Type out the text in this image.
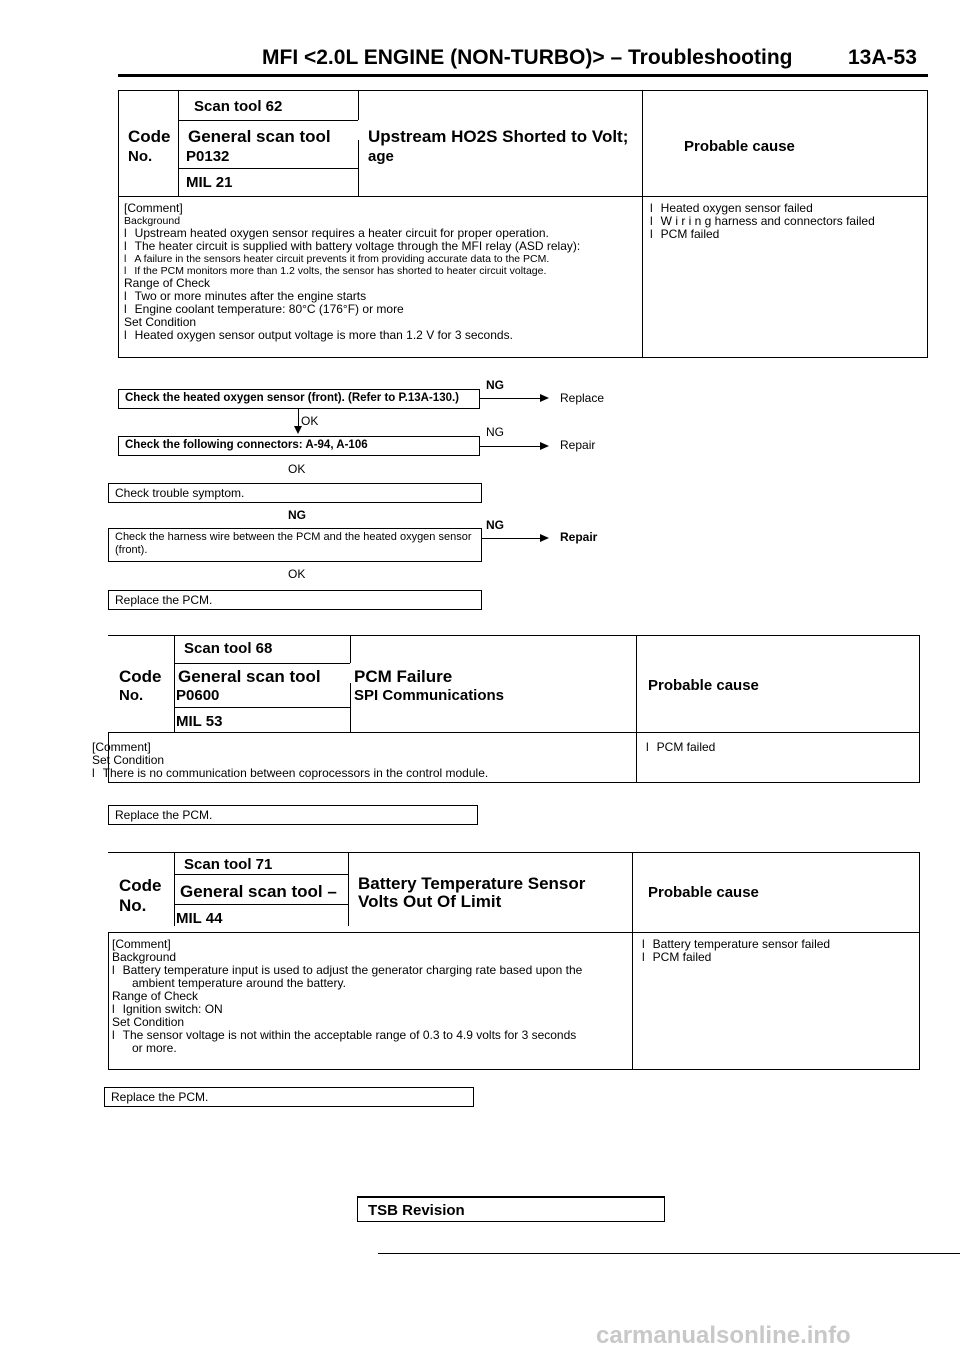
MFI <2.0L ENGINE (NON-TURBO)> – Troubleshooting	13A-53
Scan tool 62
Code
No.
General scan tool
P0132
MIL 21
Upstream HO2S Shorted to Volt;
age
Probable cause
[Comment]
Background
l Upstream heated oxygen sensor requires a heater circuit for proper operation.
l The heater circuit is supplied with battery voltage through the MFI relay (ASD relay):
l A failure in the sensors heater circuit prevents it from providing accurate data to the PCM.
l If the PCM monitors more than 1.2 volts, the sensor has shorted to heater circuit voltage.
Range of Check
l Two or more minutes after the engine starts
l Engine coolant temperature: 80°C (176°F) or more
Set Condition
l Heated oxygen sensor output voltage is more than 1.2 V for 3 seconds.
l Heated oxygen sensor failed
l W i r i n g harness and connectors failed
l PCM failed
Check the heated oxygen sensor (front). (Refer to P.13A-130.)
NG
Replace
OK
Check the following connectors: A-94, A-106
NG
Repair
OK
Check trouble symptom.
NG
Check the harness wire between the PCM and the heated oxygen sensor (front).
NG
Repair
OK
Replace the PCM.
Scan tool 68
Code
No.
General scan tool
P0600
MIL 53
PCM Failure
SPI Communications
Probable cause
[Comment]
Set Condition
l There is no communication between coprocessors in the control module.
l PCM failed
Replace the PCM.
Scan tool 71
Code
No.
General scan tool –
MIL 44
Battery Temperature Sensor
Volts Out Of Limit	Probable cause
[Comment]
Background
l Battery temperature input is used to adjust the generator charging rate based upon the
ambient temperature around the battery.
Range of Check
l Ignition switch: ON
Set Condition
l The sensor voltage is not within the acceptable range of 0.3 to 4.9 volts for 3 seconds
or more.
l Battery temperature sensor failed
l PCM failed
Replace the PCM.
TSB Revision
carmanualsonline.info
